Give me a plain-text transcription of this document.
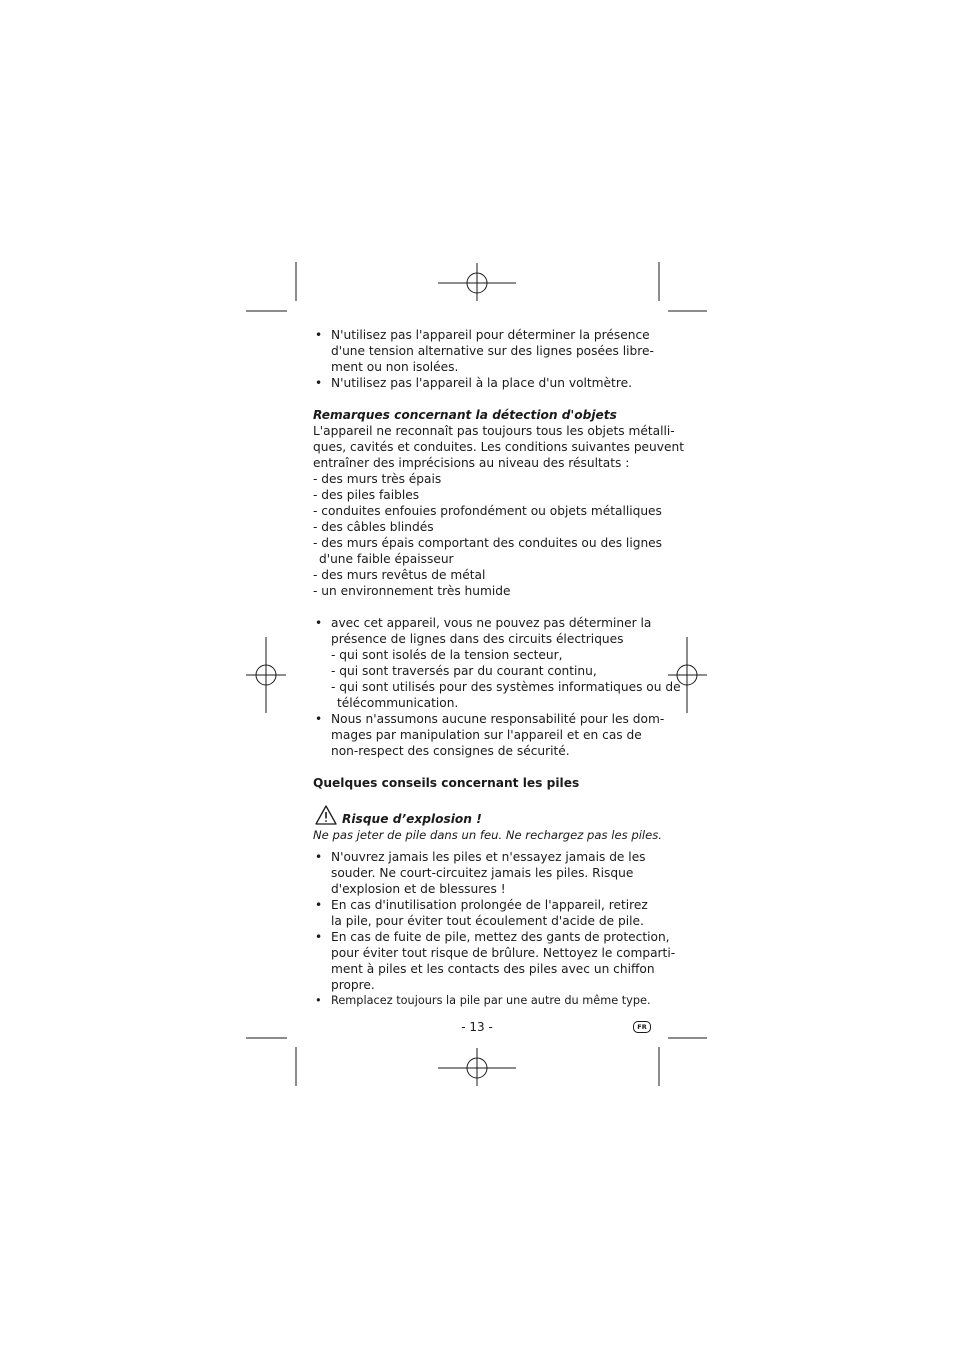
• N'utilisez pas l'appareil pour déterminer la présence
d'une tension alternative sur des lignes posées libre-
ment ou non isolées.
• N'utilisez pas l'appareil à la place d'un voltmètre.
Remarques concernant la détection d'objets
L'appareil ne reconnaît pas toujours tous les objets métalli-
ques, cavités et conduites. Les conditions suivantes peuvent
entraîner des imprécisions au niveau des résultats :
- des murs très épais
- des piles faibles
- conduites enfouies profondément ou objets métalliques
- des câbles blindés
- des murs épais comportant des conduites ou des lignes
d'une faible épaisseur
- des murs revêtus de métal
- un environnement très humide
• avec cet appareil, vous ne pouvez pas déterminer la
présence de lignes dans des circuits électriques
- qui sont isolés de la tension secteur,
- qui sont traversés par du courant continu,
- qui sont utilisés pour des systèmes informatiques ou de
télécommunication.
• Nous n'assumons aucune responsabilité pour les dom-
mages par manipulation sur l'appareil et en cas de
non-respect des consignes de sécurité.
Quelques conseils concernant les piles
Risque d’explosion !
Ne pas jeter de pile dans un feu. Ne rechargez pas les piles.
• N'ouvrez jamais les piles et n'essayez jamais de les
souder. Ne court-circuitez jamais les piles. Risque
d'explosion et de blessures !
• En cas d'inutilisation prolongée de l'appareil, retirez
la pile, pour éviter tout écoulement d'acide de pile.
• En cas de fuite de pile, mettez des gants de protection,
pour éviter tout risque de brûlure. Nettoyez le comparti-
ment à piles et les contacts des piles avec un chiffon
propre.
• Remplacez toujours la pile par une autre du même type.
- 13 -	FR
